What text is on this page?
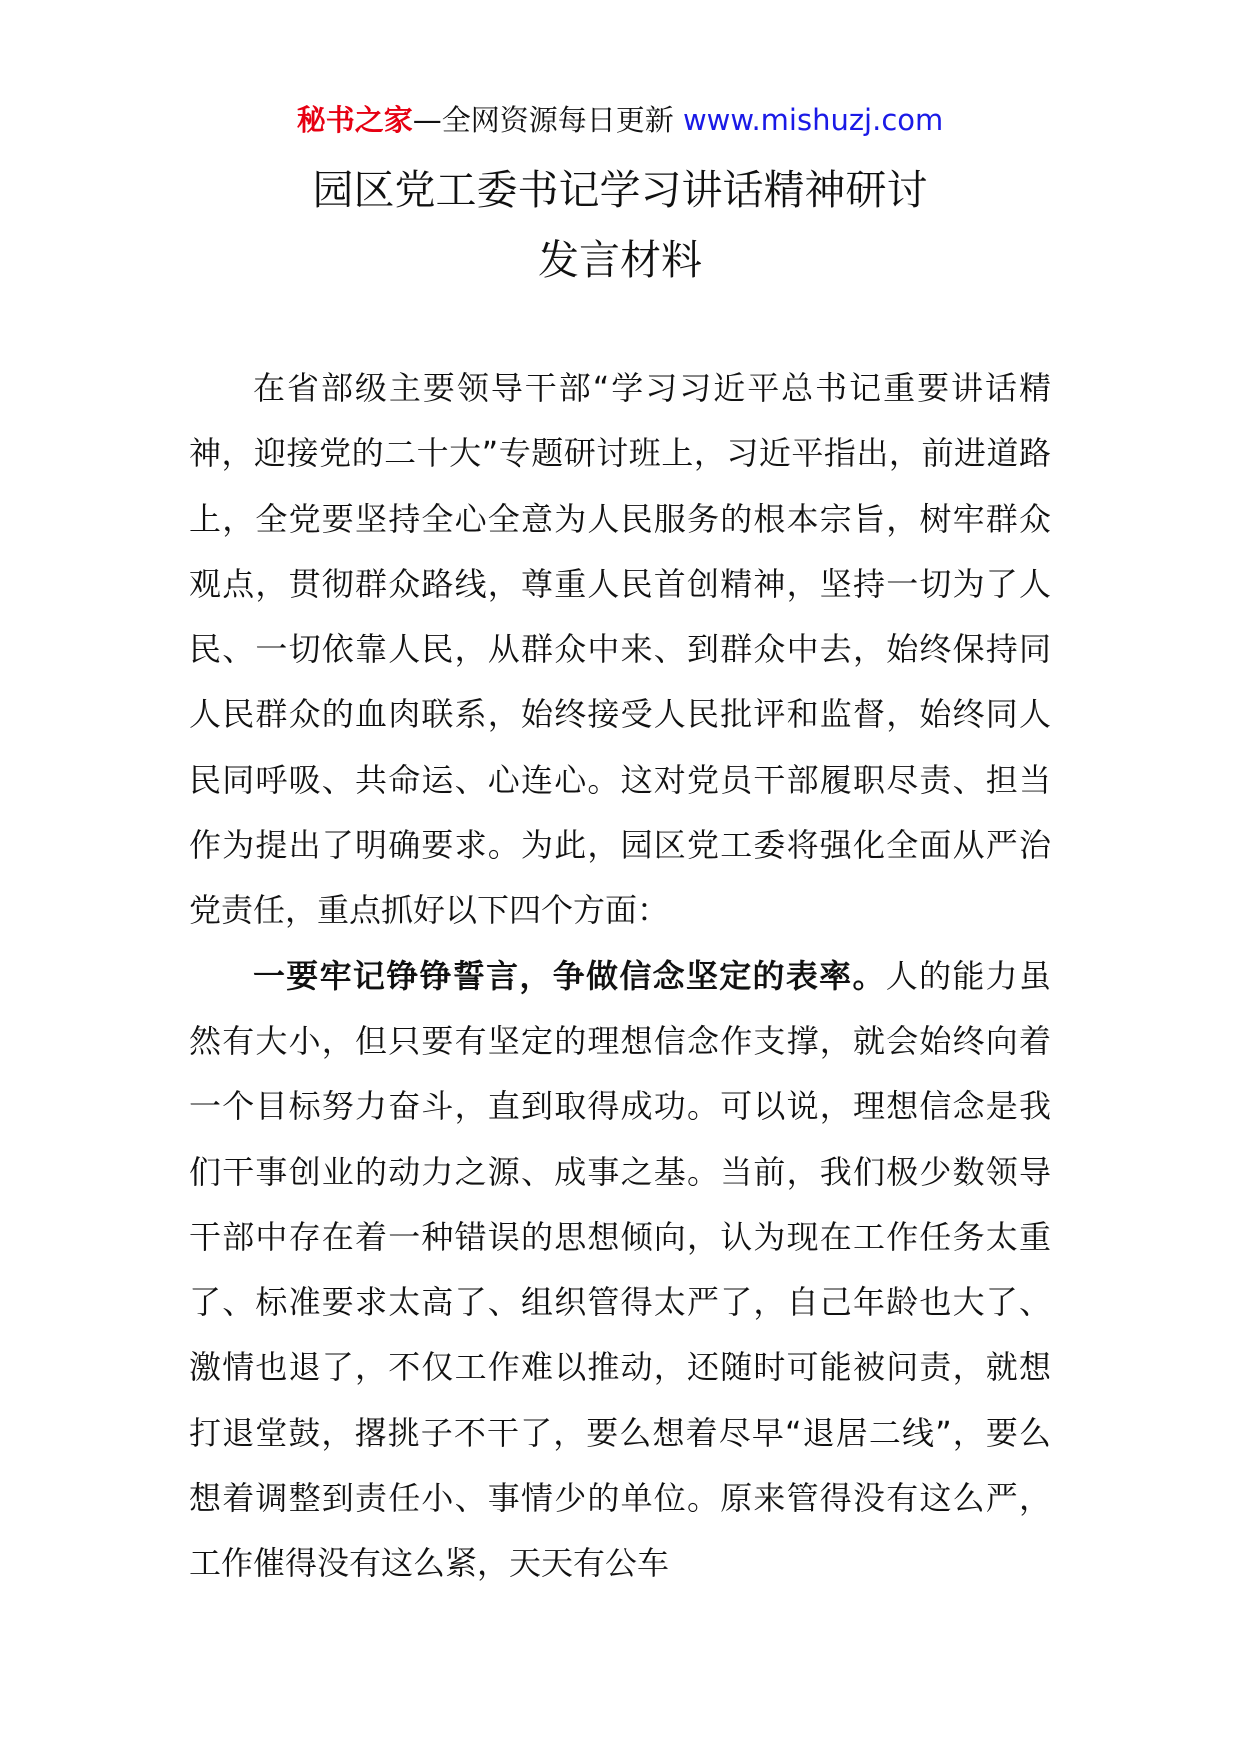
秘书之家—全网资源每日更新 www.mishuzj.com
园区党工委书记学习讲话精神研讨
发言材料

在省部级主要领导干部“学习习近平总书记重要讲话精神，迎接党的二十大”专题研讨班上，习近平指出，前进道路上，全党要坚持全心全意为人民服务的根本宗旨，树牢群众观点，贯彻群众路线，尊重人民首创精神，坚持一切为了人民、一切依靠人民，从群众中来、到群众中去，始终保持同人民群众的血肉联系，始终接受人民批评和监督，始终同人民同呼吸、共命运、心连心。这对党员干部履职尽责、担当作为提出了明确要求。为此，园区党工委将强化全面从严治党责任，重点抓好以下四个方面：

一要牢记铮铮誓言，争做信念坚定的表率。人的能力虽然有大小，但只要有坚定的理想信念作支撑，就会始终向着一个目标努力奋斗，直到取得成功。可以说，理想信念是我们干事创业的动力之源、成事之基。当前，我们极少数领导干部中存在着一种错误的思想倾向，认为现在工作任务太重了、标准要求太高了、组织管得太严了，自己年龄也大了、激情也退了，不仅工作难以推动，还随时可能被问责，就想打退堂鼓，撂挑子不干了，要么想着尽早“退居二线”，要么想着调整到责任小、事情少的单位。原来管得没有这么严，工作催得没有这么紧，天天有公车
